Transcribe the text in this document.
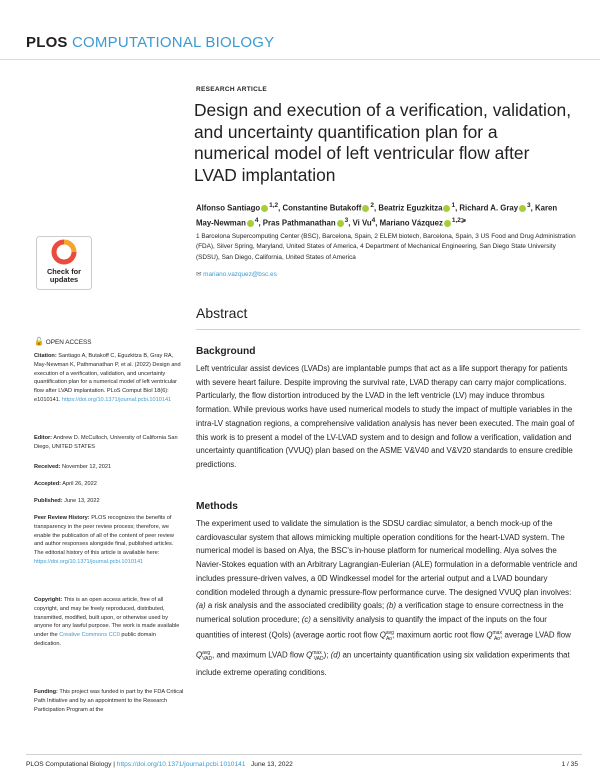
PLOS COMPUTATIONAL BIOLOGY
RESEARCH ARTICLE
Design and execution of a verification, validation, and uncertainty quantification plan for a numerical model of left ventricular flow after LVAD implantation
Alfonso Santiago $^{1,2}$, Constantine Butakoff $^2$, Beatriz Eguzkitza $^1$, Richard A. Gray $^3$, Karen May-Newman $^4$, Pras Pathmanathan $^3$, Vi Vu$^4$, Mariano Vázquez $^{1,2⩾}$
1 Barcelona Supercomputing Center (BSC), Barcelona, Spain, 2 ELEM biotech, Barcelona, Spain, 3 US Food and Drug Administration (FDA), Silver Spring, Maryland, United States of America, 4 Department of Mechanical Engineering, San Diego State University (SDSU), San Diego, California, United States of America
✉ mariano.vazquez@bsc.es
Abstract
Background
Left ventricular assist devices (LVADs) are implantable pumps that act as a life support therapy for patients with severe heart failure. Despite improving the survival rate, LVAD therapy can carry major complications. Particularly, the flow distortion introduced by the LVAD in the left ventricle (LV) may induce thrombus formation. While previous works have used numerical models to study the impact of multiple variables in the intra-LV stagnation regions, a comprehensive validation analysis has never been executed. The main goal of this work is to present a model of the LV-LVAD system and to design and follow a verification, validation and uncertainty quantification (VVUQ) plan based on the ASME V&V40 and V&V20 standards to ensure credible predictions.
Methods
The experiment used to validate the simulation is the SDSU cardiac simulator, a bench mock-up of the cardiovascular system that allows mimicking multiple operation conditions for the heart-LVAD system. The numerical model is based on Alya, the BSC's in-house platform for numerical modelling. Alya solves the Navier-Stokes equation with an Arbitrary Lagrangian-Eulerian (ALE) formulation in a deformable ventricle and includes pressure-driven valves, a 0D Windkessel model for the arterial output and a LVAD boundary condition modeled through a dynamic pressure-flow performance curve. The designed VVUQ plan involves: (a) a risk analysis and the associated credibility goals; (b) a verification stage to ensure correctness in the numerical solution procedure; (c) a sensitivity analysis to quantify the impact of the inputs on the four quantities of interest (QoIs) (average aortic root flow $Q^{avg}_{Ao}$, maximum aortic root flow $Q^{max}_{Ao}$, average LVAD flow $Q^{avg}_{VAD}$, and maximum LVAD flow $Q^{max}_{VAD}$); (d) an uncertainty quantification using six validation experiments that include extreme operating conditions.
Check for updates
🔓 OPEN ACCESS
Citation: Santiago A, Butakoff C, Eguzkitza B, Gray RA, May-Newman K, Pathmanathan P, et al. (2022) Design and execution of a verification, validation, and uncertainty quantification plan for a numerical model of left ventricular flow after LVAD implantation. PLoS Comput Biol 18(6): e1010141. https://doi.org/10.1371/journal.pcbi.1010141
Editor: Andrew D. McCulloch, University of California San Diego, UNITED STATES
Received: November 12, 2021
Accepted: April 26, 2022
Published: June 13, 2022
Peer Review History: PLOS recognizes the benefits of transparency in the peer review process; therefore, we enable the publication of all of the content of peer review and author responses alongside final, published articles. The editorial history of this article is available here: https://doi.org/10.1371/journal.pcbi.1010141
Copyright: This is an open access article, free of all copyright, and may be freely reproduced, distributed, transmitted, modified, built upon, or otherwise used by anyone for any lawful purpose. The work is made available under the Creative Commons CC0 public domain dedication.
Funding: This project was funded in part by the FDA Critical Path Initiative and by an appointment to the Research Participation Program at the
PLOS Computational Biology | https://doi.org/10.1371/journal.pcbi.1010141 June 13, 2022	1 / 35
